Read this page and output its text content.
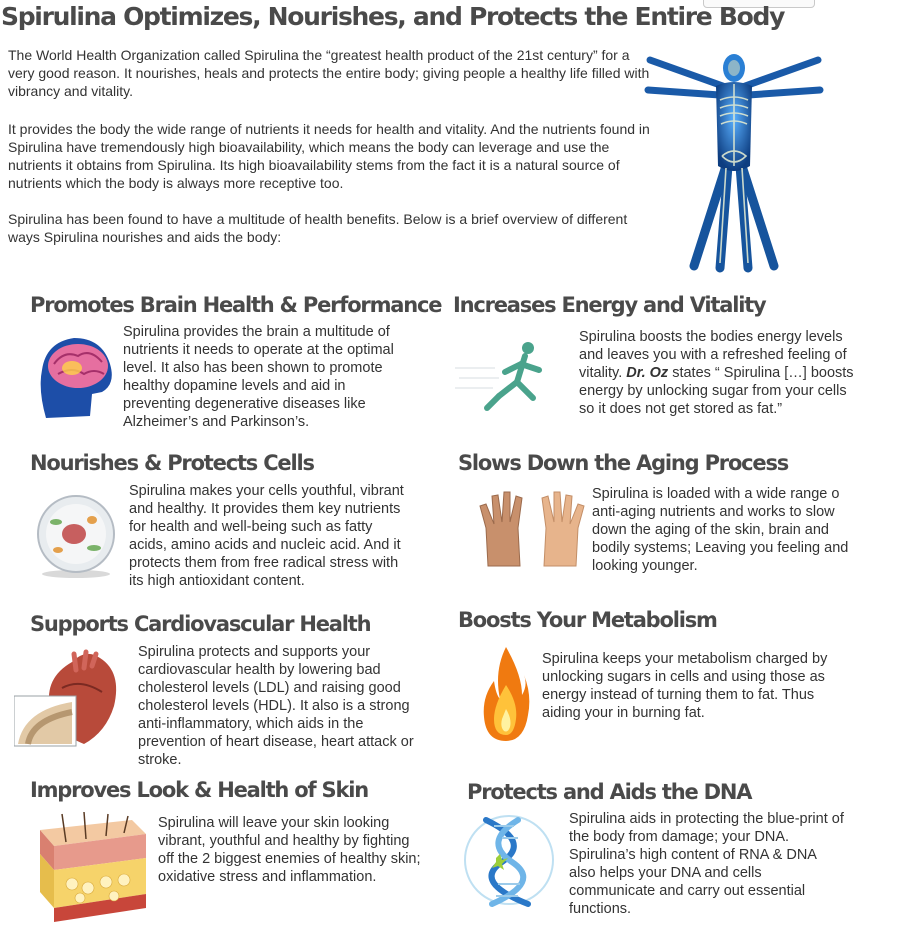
Spirulina Optimizes, Nourishes, and Protects the Entire Body

The World Health Organization called Spirulina the “greatest health product of the 21st century” for a very good reason. It nourishes, heals and protects the entire body; giving people a healthy life filled with vibrancy and vitality.

It provides the body the wide range of nutrients it needs for health and vitality. And the nutrients found in Spirulina have tremendously high bioavailability, which means the body can leverage and use the nutrients it obtains from Spirulina. Its high bioavailability stems from the fact it is a natural source of nutrients which the body is always more receptive too.

Spirulina has been found to have a multitude of health benefits. Below is a brief overview of different ways Spirulina nourishes and aids the body:

Promotes Brain Health & Performance

Spirulina provides the brain a multitude of nutrients it needs to operate at the optimal level. It also has been shown to promote healthy dopamine levels and aid in preventing degenerative diseases like Alzheimer’s and Parkinson’s.

Increases Energy and Vitality

Spirulina boosts the bodies energy levels and leaves you with a refreshed feeling of vitality. Dr. Oz states “ Spirulina […] boosts energy by unlocking sugar from your cells so it does not get stored as fat.”

Nourishes & Protects Cells

Spirulina makes your cells youthful, vibrant and healthy. It provides them key nutrients for health and well-being such as fatty acids, amino acids and nucleic acid. And it protects them from free radical stress with its high antioxidant content.

Slows Down the Aging Process

Spirulina is loaded with a wide range o anti-aging nutrients and works to slow down the aging of the skin, brain and bodily systems; Leaving you feeling and looking younger.

Supports Cardiovascular Health

Spirulina protects and supports your cardiovascular health by lowering bad cholesterol levels (LDL) and raising good cholesterol levels (HDL). It also is a strong anti-inflammatory, which aids in the prevention of heart disease, heart attack or stroke.

Boosts Your Metabolism

Spirulina keeps your metabolism charged by unlocking sugars in cells and using those as energy instead of turning them to fat. Thus aiding your in burning fat.

Improves Look & Health of Skin

Spirulina will leave your skin looking vibrant, youthful and healthy by fighting off the 2 biggest enemies of healthy skin; oxidative stress and inflammation.

Protects and Aids the DNA

Spirulina aids in protecting the blue-print of the body from damage; your DNA. Spirulina’s high content of RNA & DNA also helps your DNA and cells communicate and carry out essential functions.
